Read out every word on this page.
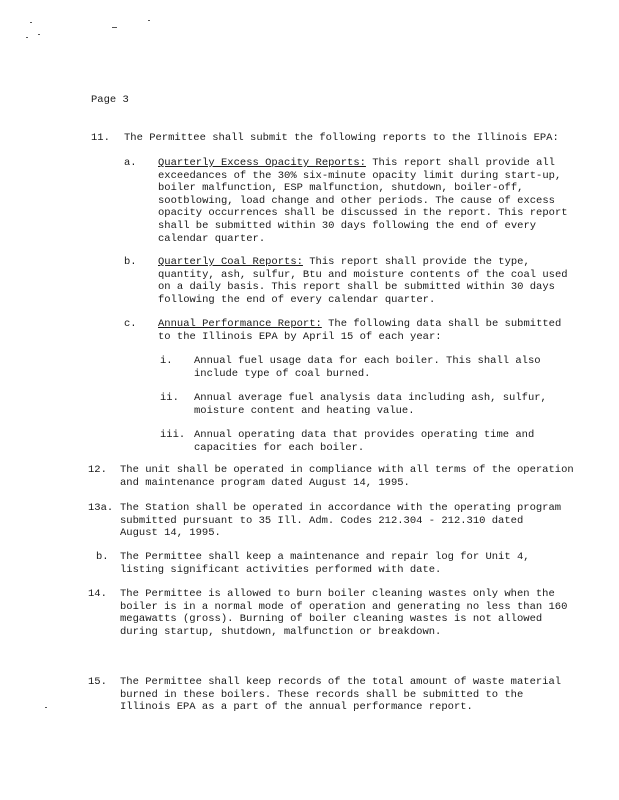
Page 3
11. The Permittee shall submit the following reports to the Illinois EPA:
a. Quarterly Excess Opacity Reports: This report shall provide all
exceedances of the 30% six-minute opacity limit during start-up,
boiler malfunction, ESP malfunction, shutdown, boiler-off,
sootblowing, load change and other periods. The cause of excess
opacity occurrences shall be discussed in the report. This report
shall be submitted within 30 days following the end of every
calendar quarter.
b. Quarterly Coal Reports: This report shall provide the type,
quantity, ash, sulfur, Btu and moisture contents of the coal used
on a daily basis. This report shall be submitted within 30 days
following the end of every calendar quarter.
c. Annual Performance Report: The following data shall be submitted
to the Illinois EPA by April 15 of each year:
i. Annual fuel usage data for each boiler. This shall also
include type of coal burned.
ii. Annual average fuel analysis data including ash, sulfur,
moisture content and heating value.
iii. Annual operating data that provides operating time and
capacities for each boiler.
12. The unit shall be operated in compliance with all terms of the operation
and maintenance program dated August 14, 1995.
13a. The Station shall be operated in accordance with the operating program
submitted pursuant to 35 Ill. Adm. Codes 212.304 - 212.310 dated
August 14, 1995.
b. The Permittee shall keep a maintenance and repair log for Unit 4,
listing significant activities performed with date.
14. The Permittee is allowed to burn boiler cleaning wastes only when the
boiler is in a normal mode of operation and generating no less than 160
megawatts (gross). Burning of boiler cleaning wastes is not allowed
during startup, shutdown, malfunction or breakdown.
15. The Permittee shall keep records of the total amount of waste material
burned in these boilers. These records shall be submitted to the
Illinois EPA as a part of the annual performance report.
